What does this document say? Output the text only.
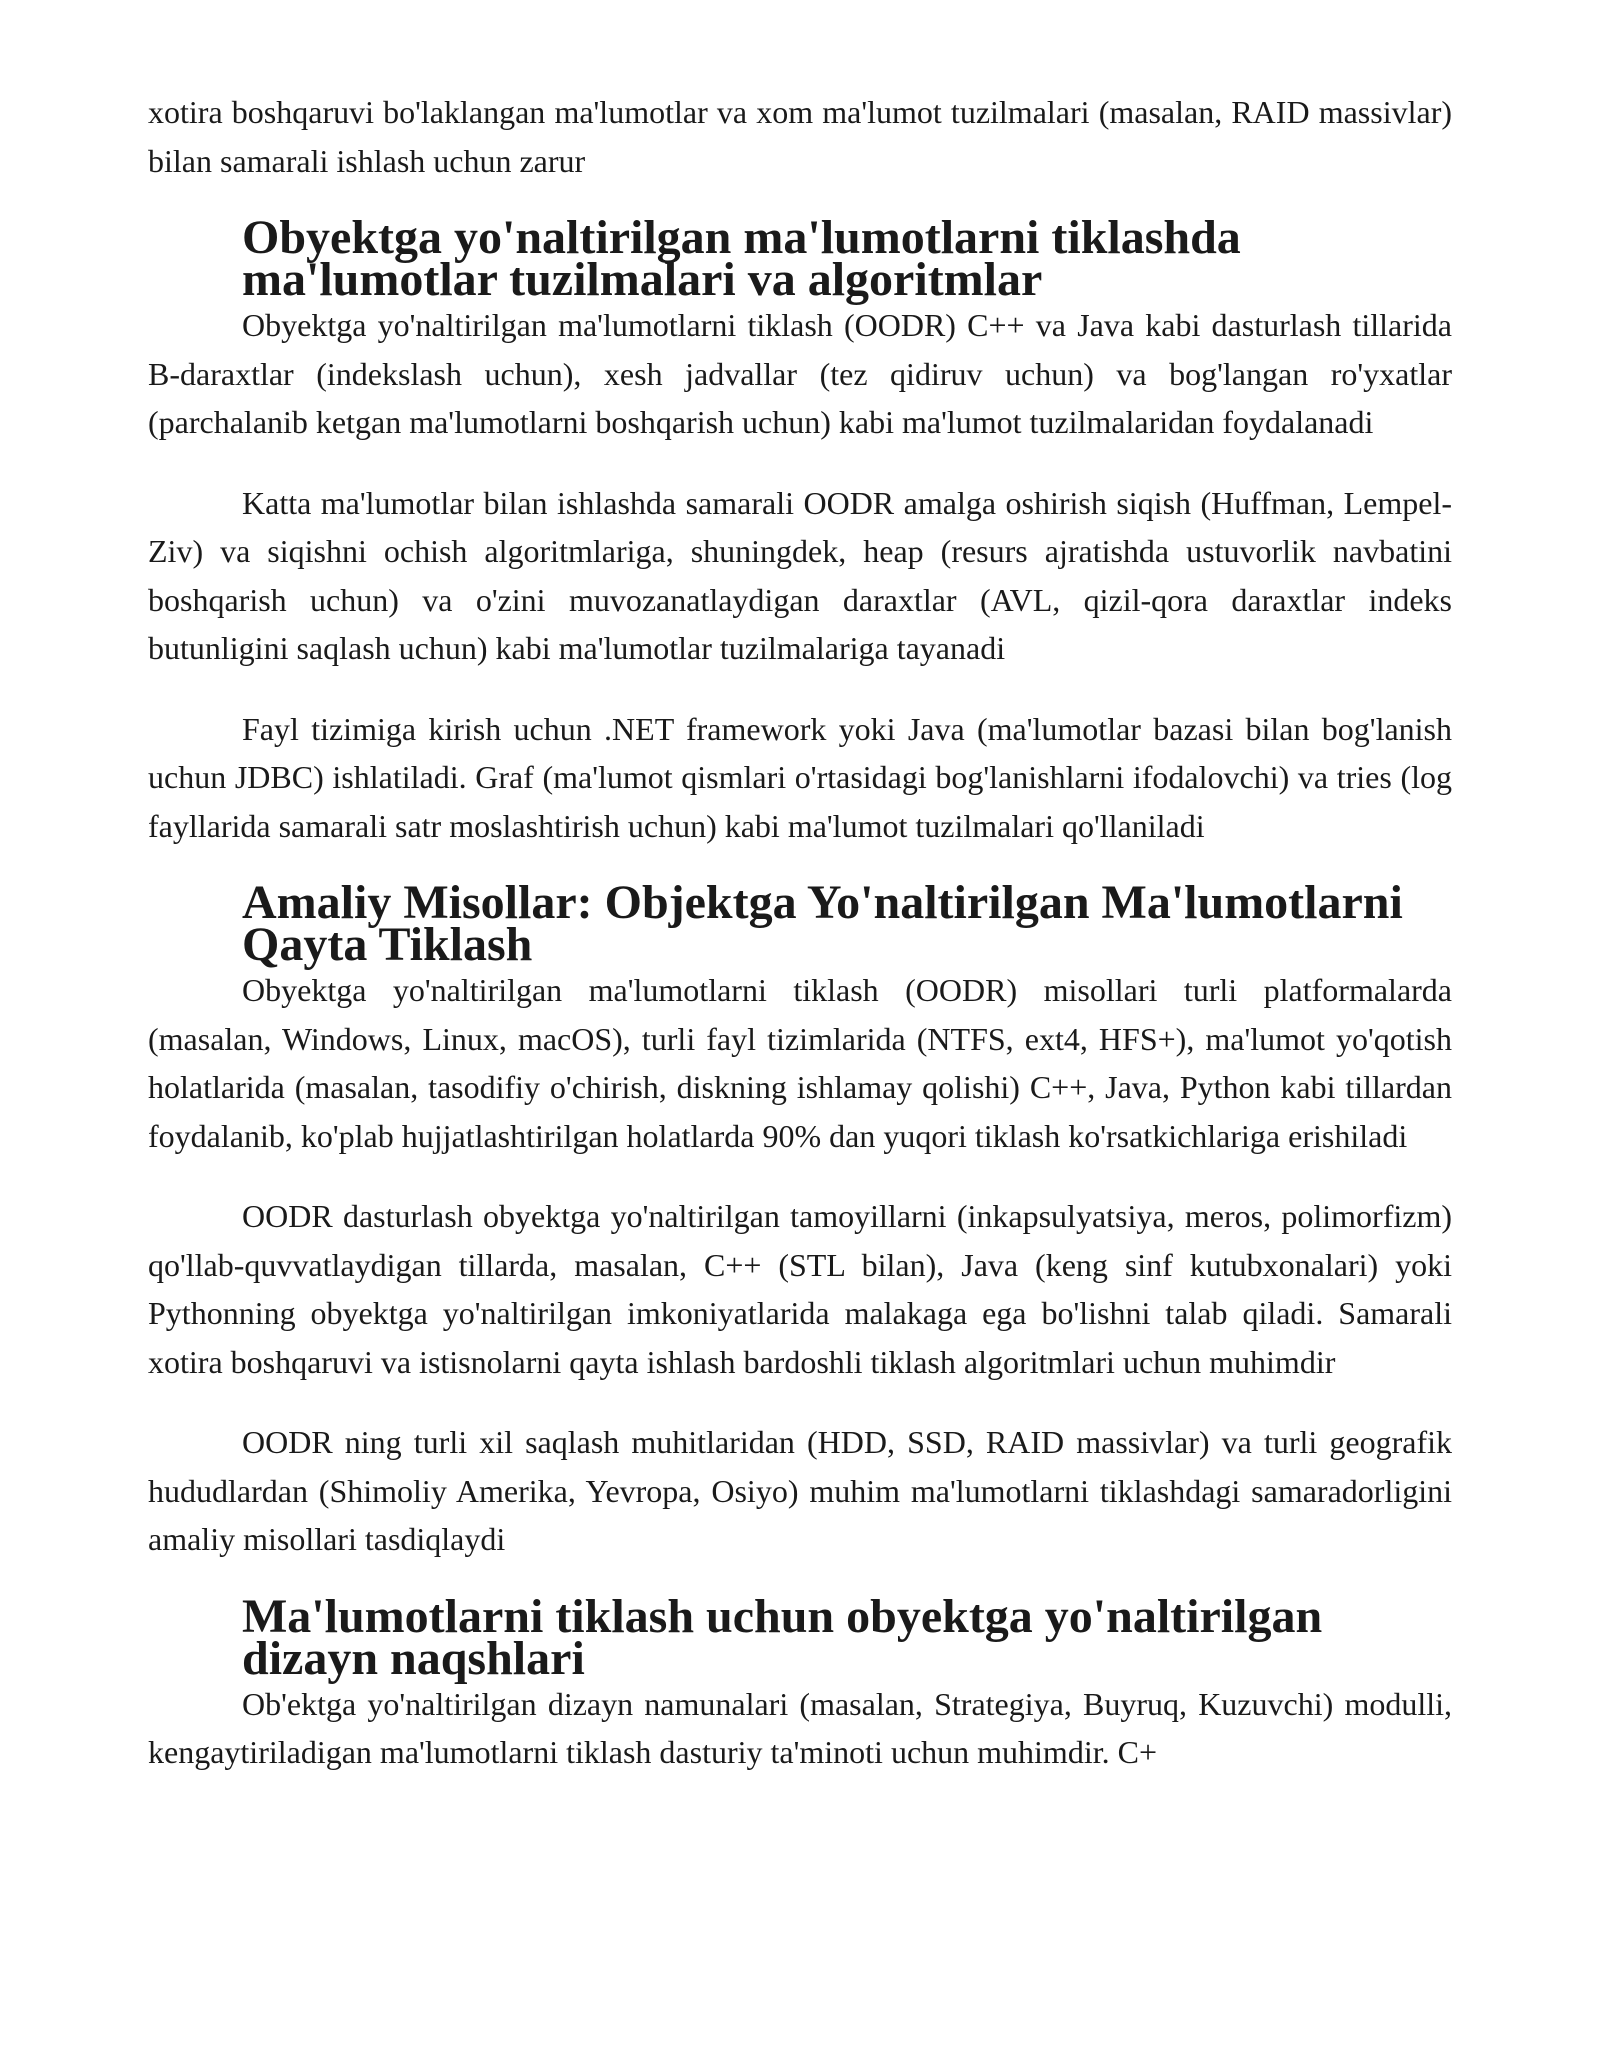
xotira boshqaruvi bo'laklangan ma'lumotlar va xom ma'lumot tuzilmalari (masalan, RAID massivlar) bilan samarali ishlash uchun zarur

Obyektga yo'naltirilgan ma'lumotlarni tiklashda ma'lumotlar tuzilmalari va algoritmlar

Obyektga yo'naltirilgan ma'lumotlarni tiklash (OODR) C++ va Java kabi dasturlash tillarida B-daraxtlar (indekslash uchun), xesh jadvallar (tez qidiruv uchun) va bog'langan ro'yxatlar (parchalanib ketgan ma'lumotlarni boshqarish uchun) kabi ma'lumot tuzilmalaridan foydalanadi

Katta ma'lumotlar bilan ishlashda samarali OODR amalga oshirish siqish (Huffman, Lempel-Ziv) va siqishni ochish algoritmlariga, shuningdek, heap (resurs ajratishda ustuvorlik navbatini boshqarish uchun) va o'zini muvozanatlaydigan daraxtlar (AVL, qizil-qora daraxtlar indeks butunligini saqlash uchun) kabi ma'lumotlar tuzilmalariga tayanadi

Fayl tizimiga kirish uchun .NET framework yoki Java (ma'lumotlar bazasi bilan bog'lanish uchun JDBC) ishlatiladi. Graf (ma'lumot qismlari o'rtasidagi bog'lanishlarni ifodalovchi) va tries (log fayllarida samarali satr moslashtirish uchun) kabi ma'lumot tuzilmalari qo'llaniladi

Amaliy Misollar: Objektga Yo'naltirilgan Ma'lumotlarni Qayta Tiklash

Obyektga yo'naltirilgan ma'lumotlarni tiklash (OODR) misollari turli platformalarda (masalan, Windows, Linux, macOS), turli fayl tizimlarida (NTFS, ext4, HFS+), ma'lumot yo'qotish holatlarida (masalan, tasodifiy o'chirish, diskning ishlamay qolishi) C++, Java, Python kabi tillardan foydalanib, ko'plab hujjatlashtirilgan holatlarda 90% dan yuqori tiklash ko'rsatkichlariga erishiladi

OODR dasturlash obyektga yo'naltirilgan tamoyillarni (inkapsulyatsiya, meros, polimorfizm) qo'llab-quvvatlaydigan tillarda, masalan, C++ (STL bilan), Java (keng sinf kutubxonalari) yoki Pythonning obyektga yo'naltirilgan imkoniyatlarida malakaga ega bo'lishni talab qiladi. Samarali xotira boshqaruvi va istisnolarni qayta ishlash bardoshli tiklash algoritmlari uchun muhimdir

OODR ning turli xil saqlash muhitlaridan (HDD, SSD, RAID massivlar) va turli geografik hududlardan (Shimoliy Amerika, Yevropa, Osiyo) muhim ma'lumotlarni tiklashdagi samaradorligini amaliy misollari tasdiqlaydi

Ma'lumotlarni tiklash uchun obyektga yo'naltirilgan dizayn naqshlari

Ob'ektga yo'naltirilgan dizayn namunalari (masalan, Strategiya, Buyruq, Kuzuvchi) modulli, kengaytiriladigan ma'lumotlarni tiklash dasturiy ta'minoti uchun muhimdir. C+
